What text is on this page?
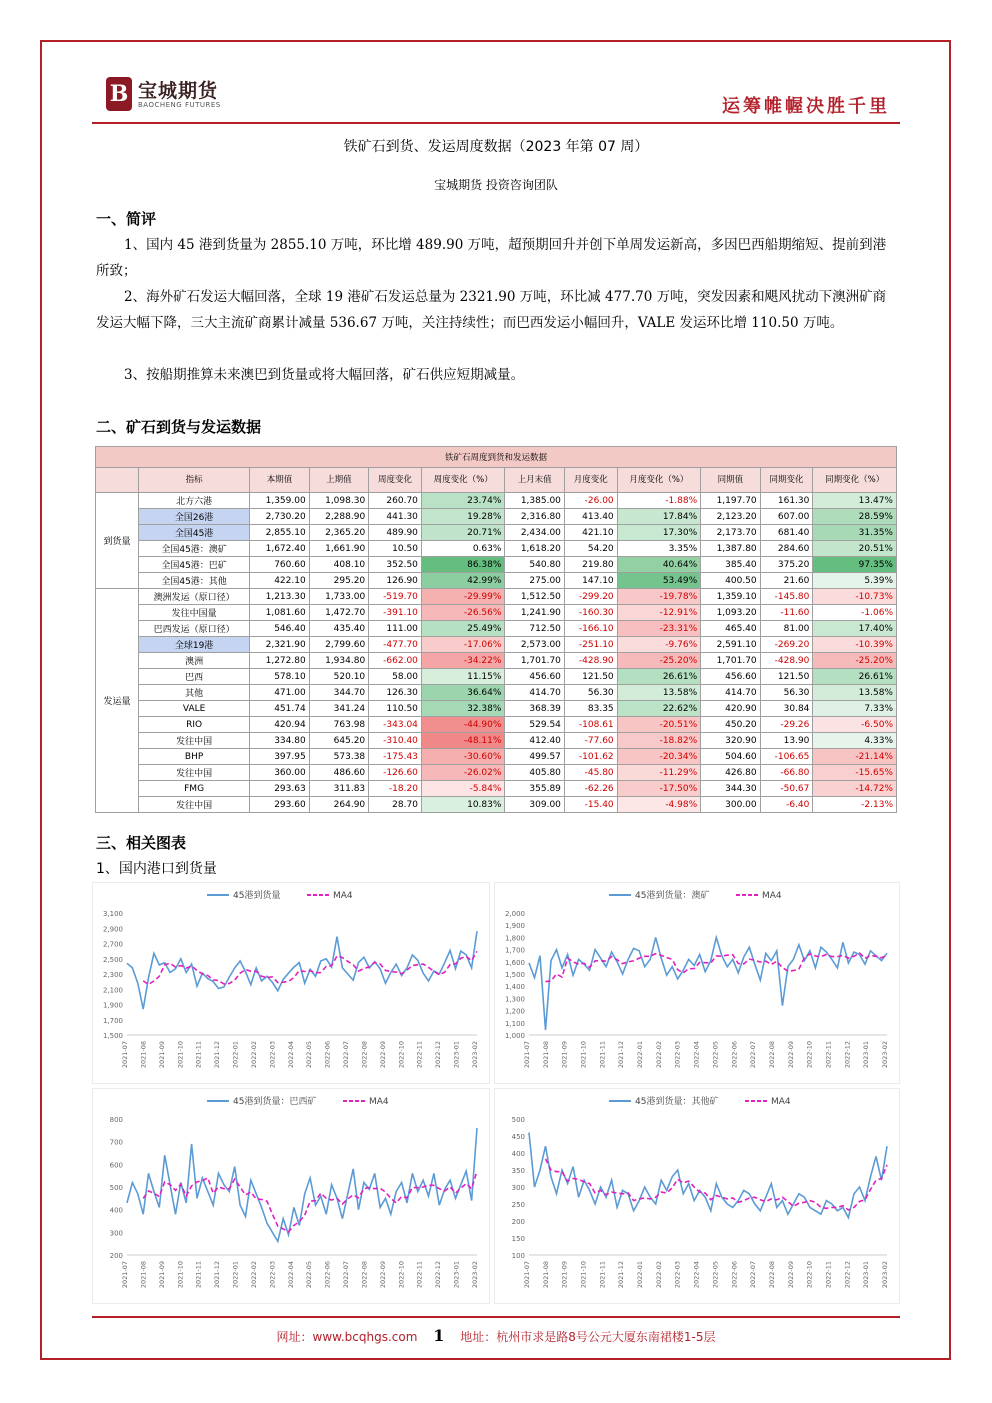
B 宝城期货
BAOCHENG FUTURES	运筹帷幄决胜千里
铁矿石到货、发运周度数据（2023 年第 07 周）
宝城期货 投资咨询团队
一、简评

1、国内 45 港到货量为 2855.10 万吨，环比增 489.90 万吨，超预期回升并创下单周发运新高，多因巴西船期缩短、提前到港所致；

2、海外矿石发运大幅回落，全球 19 港矿石发运总量为 2321.90 万吨，环比减 477.70 万吨，突发因素和飓风扰动下澳洲矿商发运大幅下降，三大主流矿商累计减量 536.67 万吨，关注持续性；而巴西发运小幅回升，VALE 发运环比增 110.50 万吨。

3、按船期推算未来澳巴到货量或将大幅回落，矿石供应短期减量。

二、矿石到货与发运数据
铁矿石周度到货和发运数据											
	指标	本期值	上期值	周度变化	周度变化（%）	上月末值	月度变化	月度变化（%）	同期值	同期变化	同期变化（%）
到货量	北方六港	1,359.00	1,098.30	260.70	23.74%	1,385.00	-26.00	-1.88%	1,197.70	161.30	13.47%
	全国26港	2,730.20	2,288.90	441.30	19.28%	2,316.80	413.40	17.84%	2,123.20	607.00	28.59%
	全国45港	2,855.10	2,365.20	489.90	20.71%	2,434.00	421.10	17.30%	2,173.70	681.40	31.35%
	全国45港：澳矿	1,672.40	1,661.90	10.50	0.63%	1,618.20	54.20	3.35%	1,387.80	284.60	20.51%
	全国45港：巴矿	760.60	408.10	352.50	86.38%	540.80	219.80	40.64%	385.40	375.20	97.35%
	全国45港：其他	422.10	295.20	126.90	42.99%	275.00	147.10	53.49%	400.50	21.60	5.39%
发运量	澳洲发运（原口径）	1,213.30	1,733.00	-519.70	-29.99%	1,512.50	-299.20	-19.78%	1,359.10	-145.80	-10.73%
	发往中国量	1,081.60	1,472.70	-391.10	-26.56%	1,241.90	-160.30	-12.91%	1,093.20	-11.60	-1.06%
	巴西发运（原口径）	546.40	435.40	111.00	25.49%	712.50	-166.10	-23.31%	465.40	81.00	17.40%
	全球19港	2,321.90	2,799.60	-477.70	-17.06%	2,573.00	-251.10	-9.76%	2,591.10	-269.20	-10.39%
	澳洲	1,272.80	1,934.80	-662.00	-34.22%	1,701.70	-428.90	-25.20%	1,701.70	-428.90	-25.20%
	巴西	578.10	520.10	58.00	11.15%	456.60	121.50	26.61%	456.60	121.50	26.61%
	其他	471.00	344.70	126.30	36.64%	414.70	56.30	13.58%	414.70	56.30	13.58%
	VALE	451.74	341.24	110.50	32.38%	368.39	83.35	22.62%	420.90	30.84	7.33%
	RIO	420.94	763.98	-343.04	-44.90%	529.54	-108.61	-20.51%	450.20	-29.26	-6.50%
	发往中国	334.80	645.20	-310.40	-48.11%	412.40	-77.60	-18.82%	320.90	13.90	4.33%
	BHP	397.95	573.38	-175.43	-30.60%	499.57	-101.62	-20.34%	504.60	-106.65	-21.14%
	发往中国	360.00	486.60	-126.60	-26.02%	405.80	-45.80	-11.29%	426.80	-66.80	-15.65%
	FMG	293.63	311.83	-18.20	-5.84%	355.89	-62.26	-17.50%	344.30	-50.67	-14.72%
	发往中国	293.60	264.90	28.70	10.83%	309.00	-15.40	-4.98%	300.00	-6.40	-2.13%
三、相关图表
1、国内港口到货量
45港到货量	MA4
3,100
2,900
2,700
2,500
2,300
2,100
1,900
1,700
1,500
2021-07 2021-08 2021-09 2021-10 2021-11 2021-12 2022-01 2022-02 2022-03 2022-04 2022-05 2022-06 2022-07 2022-08 2022-09 2022-10 2022-11 2022-12 2023-01 2023-02
45港到货量：澳矿	MA4
2,000
1,900
1,800
1,700
1,600
1,500
1,400
1,300
1,200
1,100
1,000
2021-07 2021-08 2021-09 2021-10 2021-11 2021-12 2022-01 2022-02 2022-03 2022-04 2022-05 2022-06 2022-07 2022-08 2022-09 2022-10 2022-11 2022-12 2023-01 2023-02
45港到货量：巴西矿	MA4
800
700
600
500
400
300
200
2021-07 2021-08 2021-09 2021-10 2021-11 2021-12 2022-01 2022-02 2022-03 2022-04 2022-05 2022-06 2022-07 2022-08 2022-09 2022-10 2022-11 2022-12 2023-01 2023-02
45港到货量：其他矿	MA4
500
450
400
350
300
250
200
150
100
2021-07 2021-08 2021-09 2021-10 2021-11 2021-12 2022-01 2022-02 2022-03 2022-04 2022-05 2022-06 2022-07 2022-08 2022-09 2022-10 2022-11 2022-12 2023-01 2023-02
网址：www.bcqhgs.com 1 地址：杭州市求是路8号公元大厦东南裙楼1-5层
